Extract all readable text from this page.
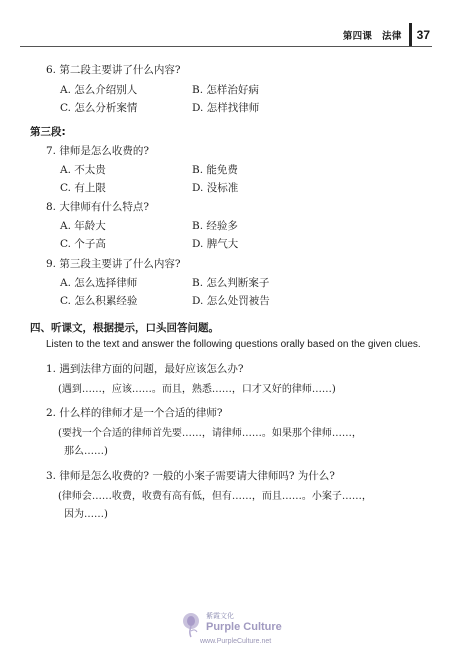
第四课　法律 37
6. 第二段主要讲了什么内容?
A. 怎么介绍别人	B. 怎样治好病
C. 怎么分析案情	D. 怎样找律师
第三段:
7. 律师是怎么收费的?
A. 不太贵	B. 能免费
C. 有上限	D. 没标准
8. 大律师有什么特点?
A. 年龄大	B. 经验多
C. 个子高	D. 脾气大
9. 第三段主要讲了什么内容?
A. 怎么选择律师	B. 怎么判断案子
C. 怎么积累经验	D. 怎么处罚被告
四、听课文，根据提示，口头回答问题。
Listen to the text and answer the following questions orally based on the given clues.
1. 遇到法律方面的问题，最好应该怎么办?
(遇到……，应该……。而且，熟悉……，口才又好的律师……)
2. 什么样的律师才是一个合适的律师?
(要找一个合适的律师首先要……，请律师……。如果那个律师……，
那么……)
3. 律师是怎么收费的? 一般的小案子需要请大律师吗? 为什么?
(律师会……收费，收费有高有低，但有……，而且……。小案子……，
因为……)
紫霞文化
Purple Culture
www.PurpleCulture.net
